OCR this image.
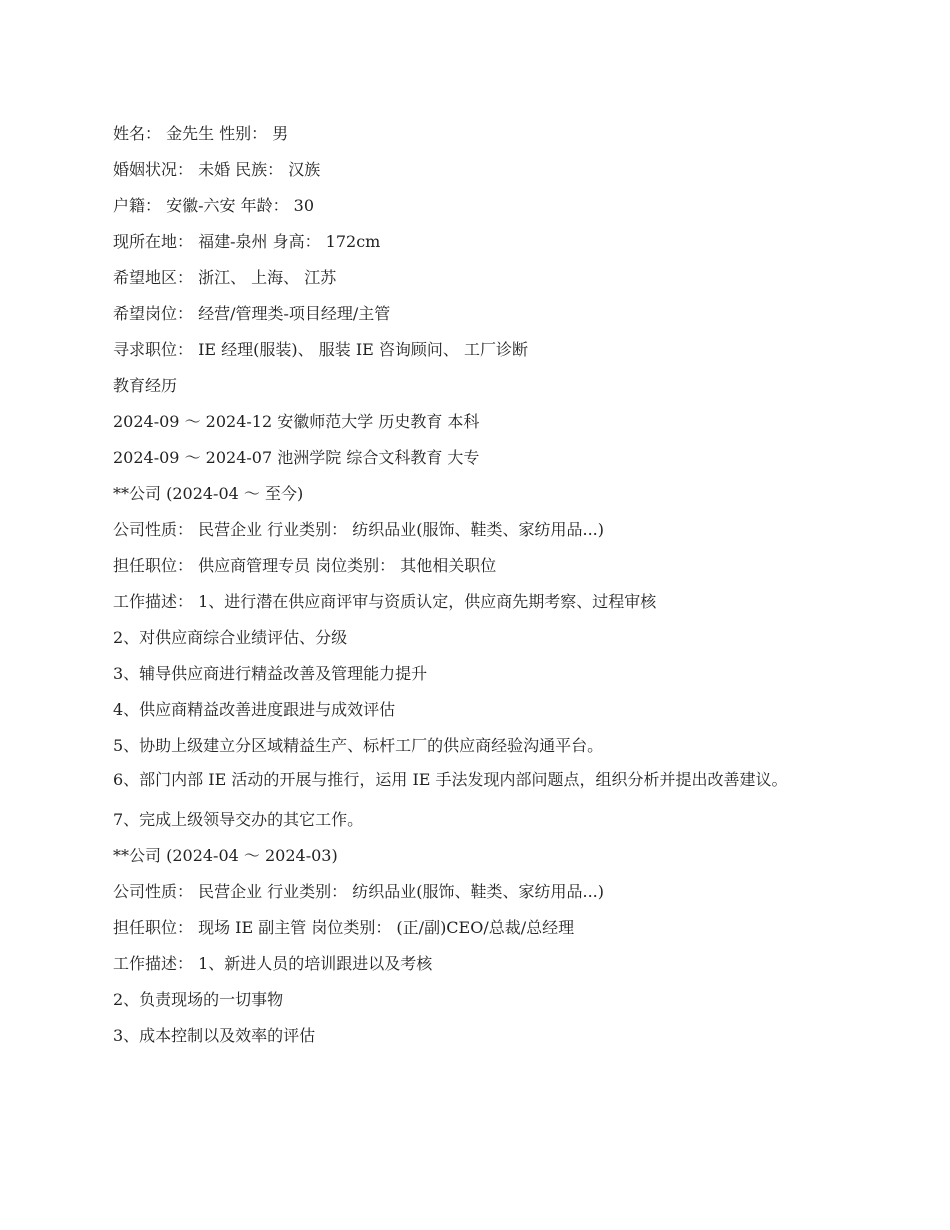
姓名： 金先生 性别： 男
婚姻状况： 未婚 民族： 汉族
户籍： 安徽-六安 年龄： 30
现所在地： 福建-泉州 身高： 172cm
希望地区： 浙江、 上海、 江苏
希望岗位： 经营/管理类-项目经理/主管
寻求职位： IE 经理(服装)、 服装 IE 咨询顾问、 工厂诊断
教育经历
2024-09 ～ 2024-12 安徽师范大学 历史教育 本科
2024-09 ～ 2024-07 池洲学院 综合文科教育 大专
**公司 (2024-04 ～ 至今)
公司性质： 民营企业 行业类别： 纺织品业(服饰、鞋类、家纺用品...)
担任职位： 供应商管理专员 岗位类别： 其他相关职位
工作描述： 1、进行潜在供应商评审与资质认定，供应商先期考察、过程审核
2、对供应商综合业绩评估、分级
3、辅导供应商进行精益改善及管理能力提升
4、供应商精益改善进度跟进与成效评估
5、协助上级建立分区域精益生产、标杆工厂的供应商经验沟通平台。
6、部门内部 IE 活动的开展与推行，运用 IE 手法发现内部问题点，组织分析并提出改善建议。
7、完成上级领导交办的其它工作。
**公司 (2024-04 ～ 2024-03)
公司性质： 民营企业 行业类别： 纺织品业(服饰、鞋类、家纺用品...)
担任职位： 现场 IE 副主管 岗位类别： (正/副)CEO/总裁/总经理
工作描述： 1、新进人员的培训跟进以及考核
2、负责现场的一切事物
3、成本控制以及效率的评估
